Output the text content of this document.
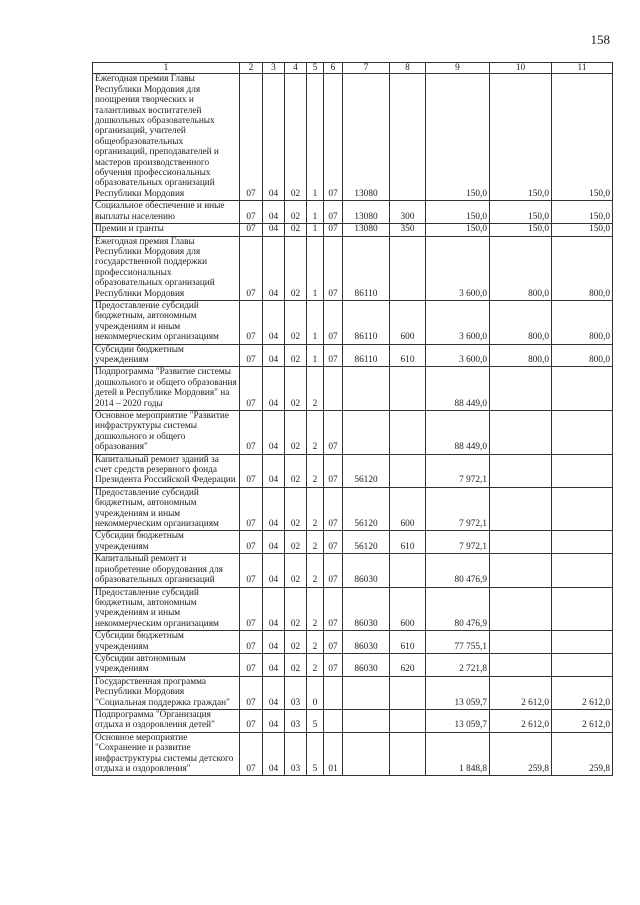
158
1	2	3	4	5	6	7	8	9	10	11
Ежегодная премия Главы Республики Мордовия для поощрения творческих и талантливых воспитателей дошкольных образовательных организаций, учителей общеобразовательных организаций, преподавателей и мастеров производственного обучения профессиональных образовательных организаций Республики Мордовия	07	04	02	1	07	13080		150,0	150,0	150,0
Социальное обеспечение и иные выплаты населению	07	04	02	1	07	13080	300	150,0	150,0	150,0
Премии и гранты	07	04	02	1	07	13080	350	150,0	150,0	150,0
Ежегодная премия Главы Республики Мордовия для государственной поддержки профессиональных образовательных организаций Республики Мордовия	07	04	02	1	07	86110		3 600,0	800,0	800,0
Предоставление субсидий бюджетным, автономным учреждениям и иным некоммерческим организациям	07	04	02	1	07	86110	600	3 600,0	800,0	800,0
Субсидии бюджетным учреждениям	07	04	02	1	07	86110	610	3 600,0	800,0	800,0
Подпрограмма "Развитие системы дошкольного и общего образования детей в Республике Мордовия" на 2014 – 2020 годы	07	04	02	2				88 449,0		
Основное мероприятие "Развитие инфраструктуры системы дошкольного и общего образования"	07	04	02	2	07			88 449,0		
Капитальный ремонт зданий за счет средств резервного фонда Президента Российской Федерации	07	04	02	2	07	56120		7 972,1		
Предоставление субсидий бюджетным, автономным учреждениям и иным некоммерческим организациям	07	04	02	2	07	56120	600	7 972,1		
Субсидии бюджетным учреждениям	07	04	02	2	07	56120	610	7 972,1		
Капитальный ремонт и приобретение оборудования для образовательных организаций	07	04	02	2	07	86030		80 476,9		
Предоставление субсидий бюджетным, автономным учреждениям и иным некоммерческим организациям	07	04	02	2	07	86030	600	80 476,9		
Субсидии бюджетным учреждениям	07	04	02	2	07	86030	610	77 755,1		
Субсидии автономным учреждениям	07	04	02	2	07	86030	620	2 721,8		
Государственная программа Республики Мордовия "Социальная поддержка граждан"	07	04	03	0				13 059,7	2 612,0	2 612,0
Подпрограмма "Организация отдыха и оздоровления детей"	07	04	03	5				13 059,7	2 612,0	2 612,0
Основное мероприятие "Сохранение и развитие инфраструктуры системы детского отдыха и оздоровления"	07	04	03	5	01			1 848,8	259,8	259,8
